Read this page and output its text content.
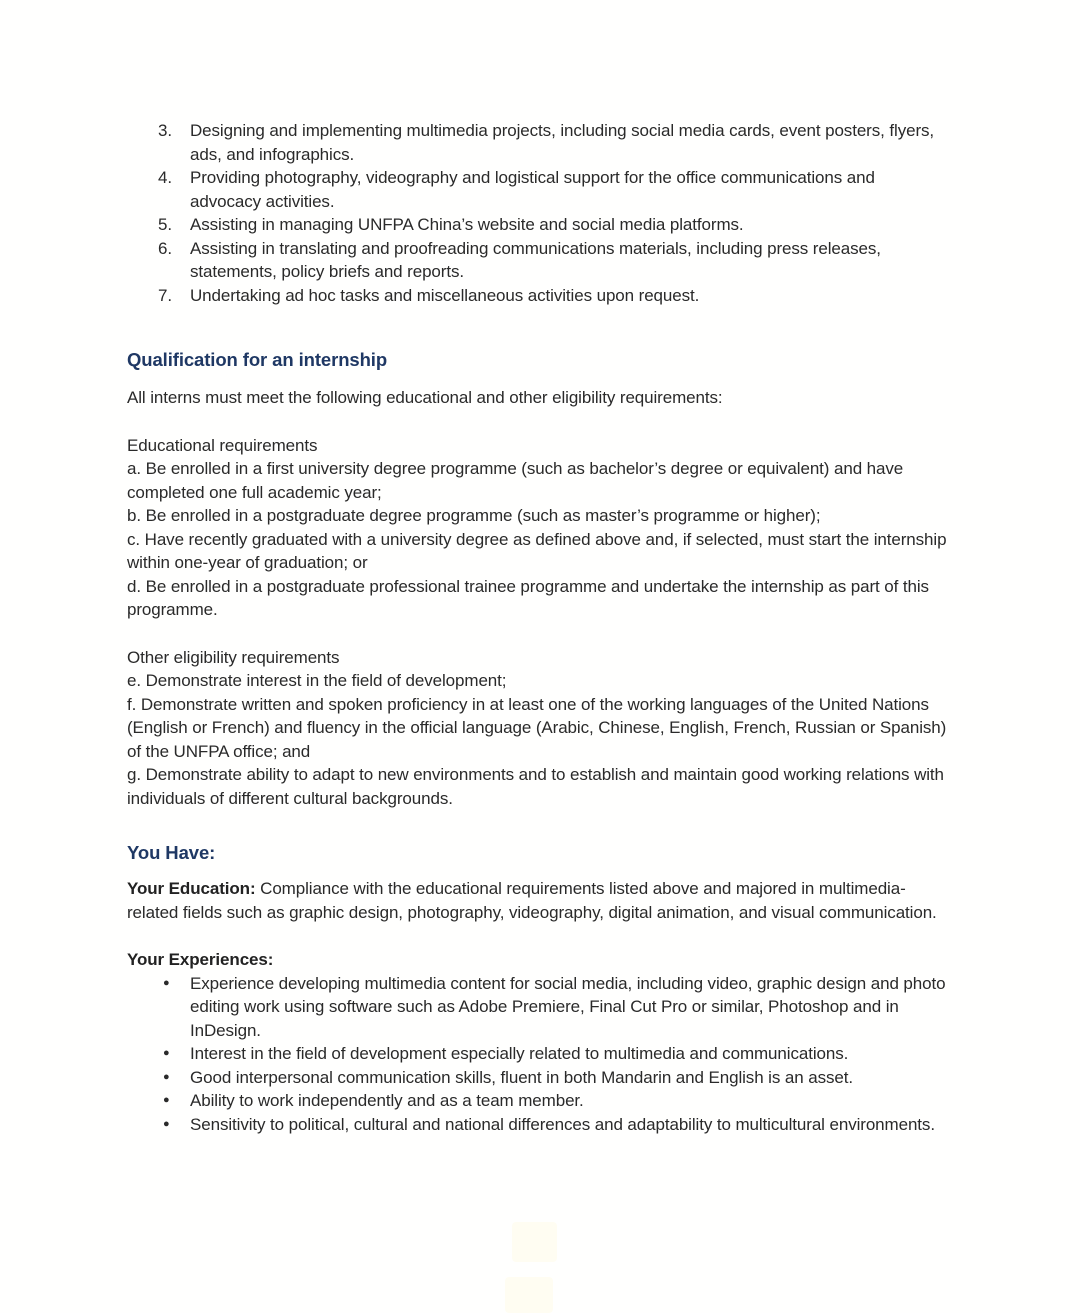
3.	Designing and implementing multimedia projects, including social media cards, event posters, flyers, ads, and infographics.
4.	Providing photography, videography and logistical support for the office communications and advocacy activities.
5.	Assisting in managing UNFPA China’s website and social media platforms.
6.	Assisting in translating and proofreading communications materials, including press releases, statements, policy briefs and reports.
7.	Undertaking ad hoc tasks and miscellaneous activities upon request.
Qualification for an internship
All interns must meet the following educational and other eligibility requirements:
Educational requirements
a. Be enrolled in a first university degree programme (such as bachelor’s degree or equivalent) and have completed one full academic year;
b. Be enrolled in a postgraduate degree programme (such as master’s programme or higher);
c. Have recently graduated with a university degree as defined above and, if selected, must start the internship within one-year of graduation; or
d. Be enrolled in a postgraduate professional trainee programme and undertake the internship as part of this programme.
Other eligibility requirements
e. Demonstrate interest in the field of development;
f. Demonstrate written and spoken proficiency in at least one of the working languages of the United Nations (English or French) and fluency in the official language (Arabic, Chinese, English, French, Russian or Spanish) of the UNFPA office; and
g. Demonstrate ability to adapt to new environments and to establish and maintain good working relations with individuals of different cultural backgrounds.
You Have:
Your Education: Compliance with the educational requirements listed above and majored in multimedia-related fields such as graphic design, photography, videography, digital animation, and visual communication.
Your Experiences:
●	Experience developing multimedia content for social media, including video, graphic design and photo editing work using software such as Adobe Premiere, Final Cut Pro or similar, Photoshop and in InDesign.
●	Interest in the field of development especially related to multimedia and communications.
●	Good interpersonal communication skills, fluent in both Mandarin and English is an asset.
●	Ability to work independently and as a team member.
●	Sensitivity to political, cultural and national differences and adaptability to multicultural environments.
